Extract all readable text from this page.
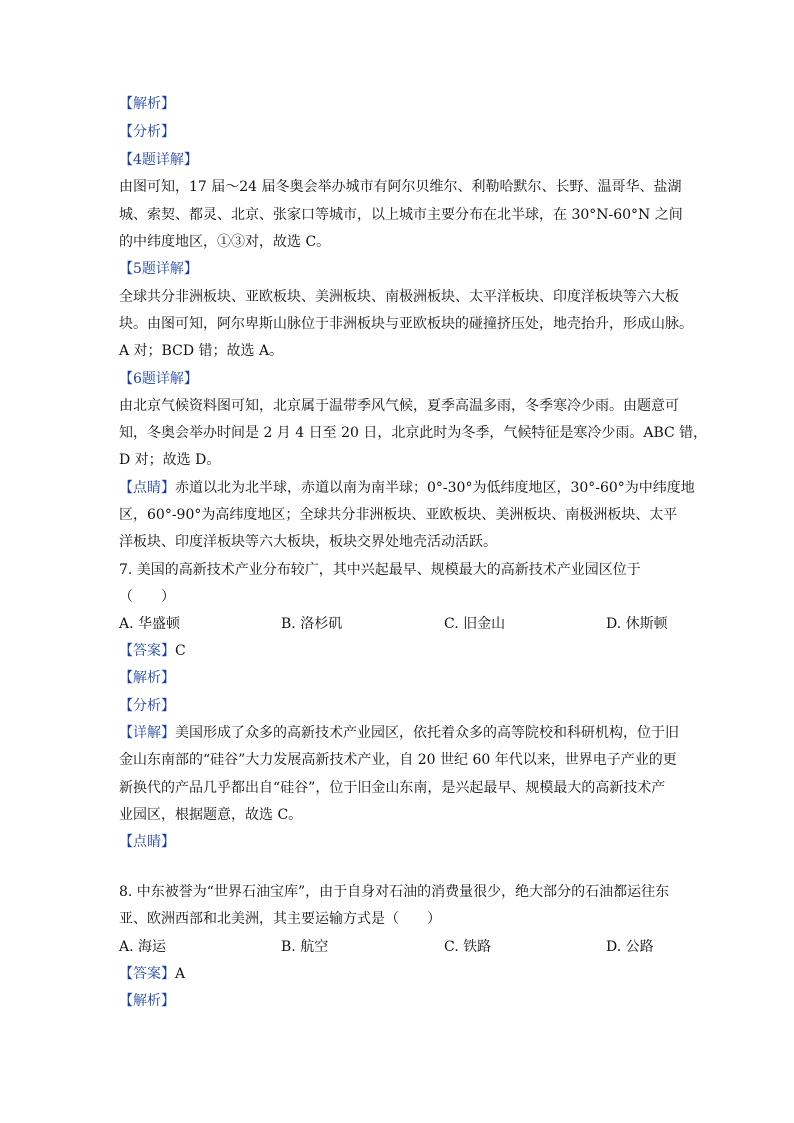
【解析】
【分析】
【4题详解】
由图可知，17 届～24 届冬奥会举办城市有阿尔贝维尔、利勒哈默尔、长野、温哥华、盐湖
城、索契、都灵、北京、张家口等城市，以上城市主要分布在北半球，在 30°N-60°N 之间
的中纬度地区，①③对，故选 C。
【5题详解】
全球共分非洲板块、亚欧板块、美洲板块、南极洲板块、太平洋板块、印度洋板块等六大板
块。由图可知，阿尔卑斯山脉位于非洲板块与亚欧板块的碰撞挤压处，地壳抬升，形成山脉。
A 对；BCD 错；故选 A。
【6题详解】
由北京气候资料图可知，北京属于温带季风气候，夏季高温多雨，冬季寒冷少雨。由题意可
知，冬奥会举办时间是 2 月 4 日至 20 日，北京此时为冬季，气候特征是寒冷少雨。ABC 错，
D 对；故选 D。
【点睛】赤道以北为北半球，赤道以南为南半球；0°-30°为低纬度地区，30°-60°为中纬度地
区，60°-90°为高纬度地区；全球共分非洲板块、亚欧板块、美洲板块、南极洲板块、太平
洋板块、印度洋板块等六大板块，板块交界处地壳活动活跃。
7. 美国的高新技术产业分布较广，其中兴起最早、规模最大的高新技术产业园区位于
（　　）
A. 华盛顿	B. 洛杉矶	C. 旧金山	D. 休斯顿
【答案】C
【解析】
【分析】
【详解】美国形成了众多的高新技术产业园区，依托着众多的高等院校和科研机构，位于旧
金山东南部的“硅谷”大力发展高新技术产业，自 20 世纪 60 年代以来，世界电子产业的更
新换代的产品几乎都出自“硅谷”，位于旧金山东南，是兴起最早、规模最大的高新技术产
业园区，根据题意，故选 C。
【点睛】
8. 中东被誉为“世界石油宝库”，由于自身对石油的消费量很少，绝大部分的石油都运往东
亚、欧洲西部和北美洲，其主要运输方式是（　　）
A. 海运	B. 航空	C. 铁路	D. 公路
【答案】A
【解析】
